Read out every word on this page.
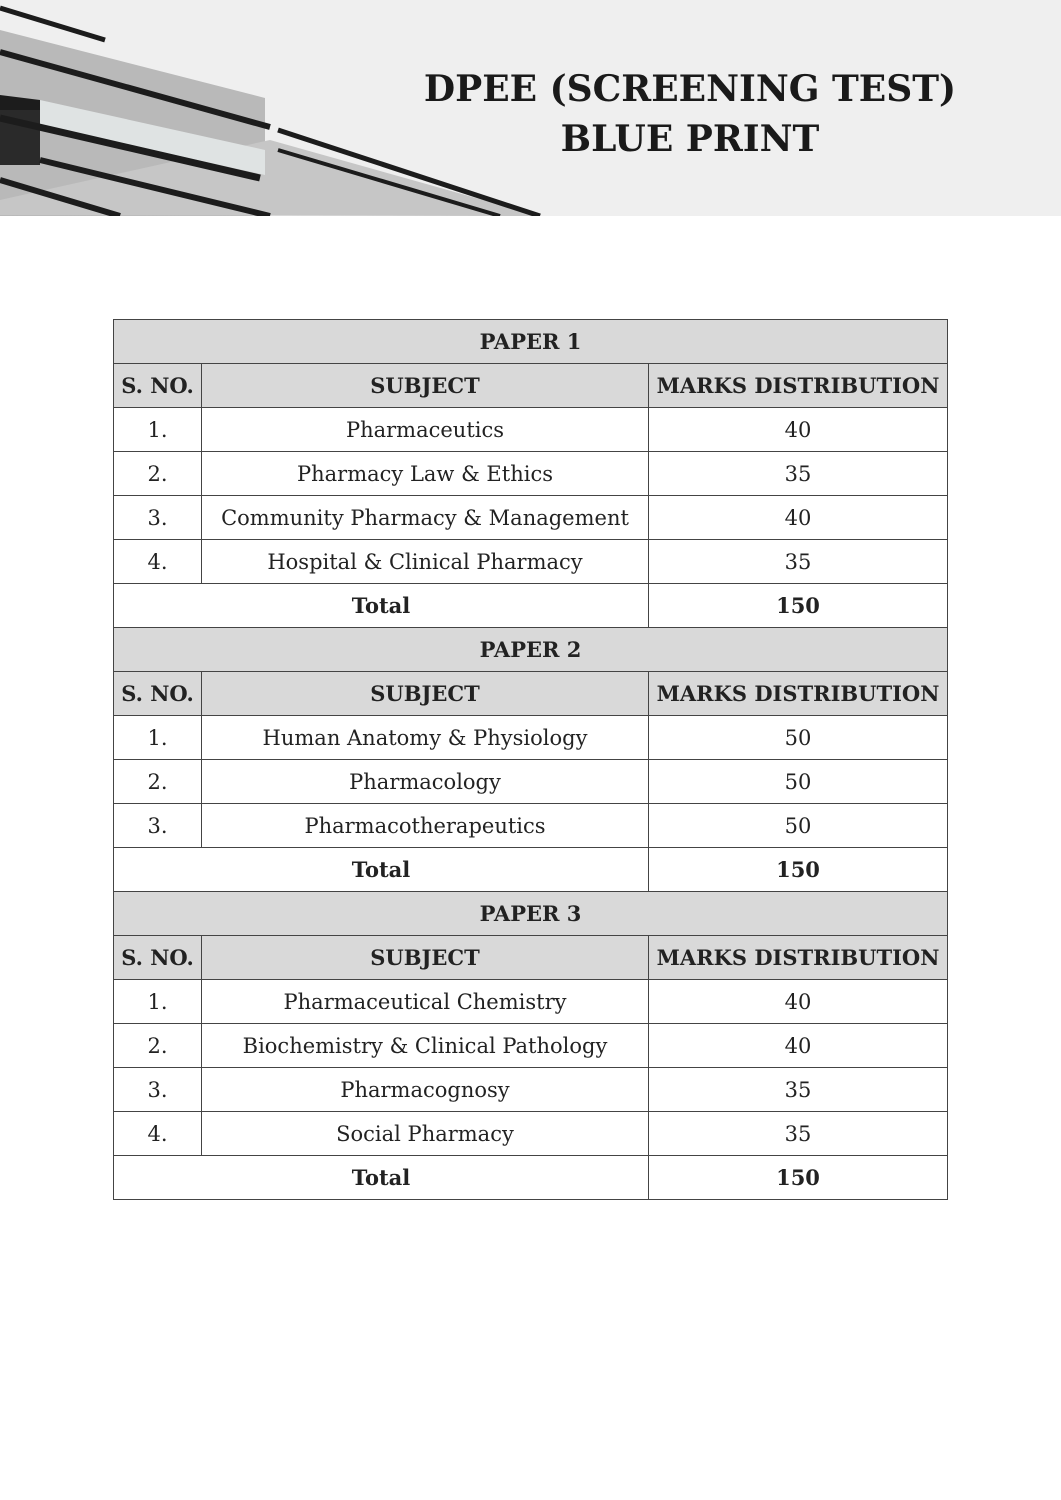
DPEE (SCREENING TEST) BLUE PRINT
PAPER 1		
S. NO.	SUBJECT	MARKS DISTRIBUTION
1.	Pharmaceutics	40
2.	Pharmacy Law & Ethics	35
3.	Community Pharmacy & Management	40
4.	Hospital & Clinical Pharmacy	35
Total		150
PAPER 2		
S. NO.	SUBJECT	MARKS DISTRIBUTION
1.	Human Anatomy & Physiology	50
2.	Pharmacology	50
3.	Pharmacotherapeutics	50
Total		150
PAPER 3		
S. NO.	SUBJECT	MARKS DISTRIBUTION
1.	Pharmaceutical Chemistry	40
2.	Biochemistry & Clinical Pathology	40
3.	Pharmacognosy	35
4.	Social Pharmacy	35
Total		150
